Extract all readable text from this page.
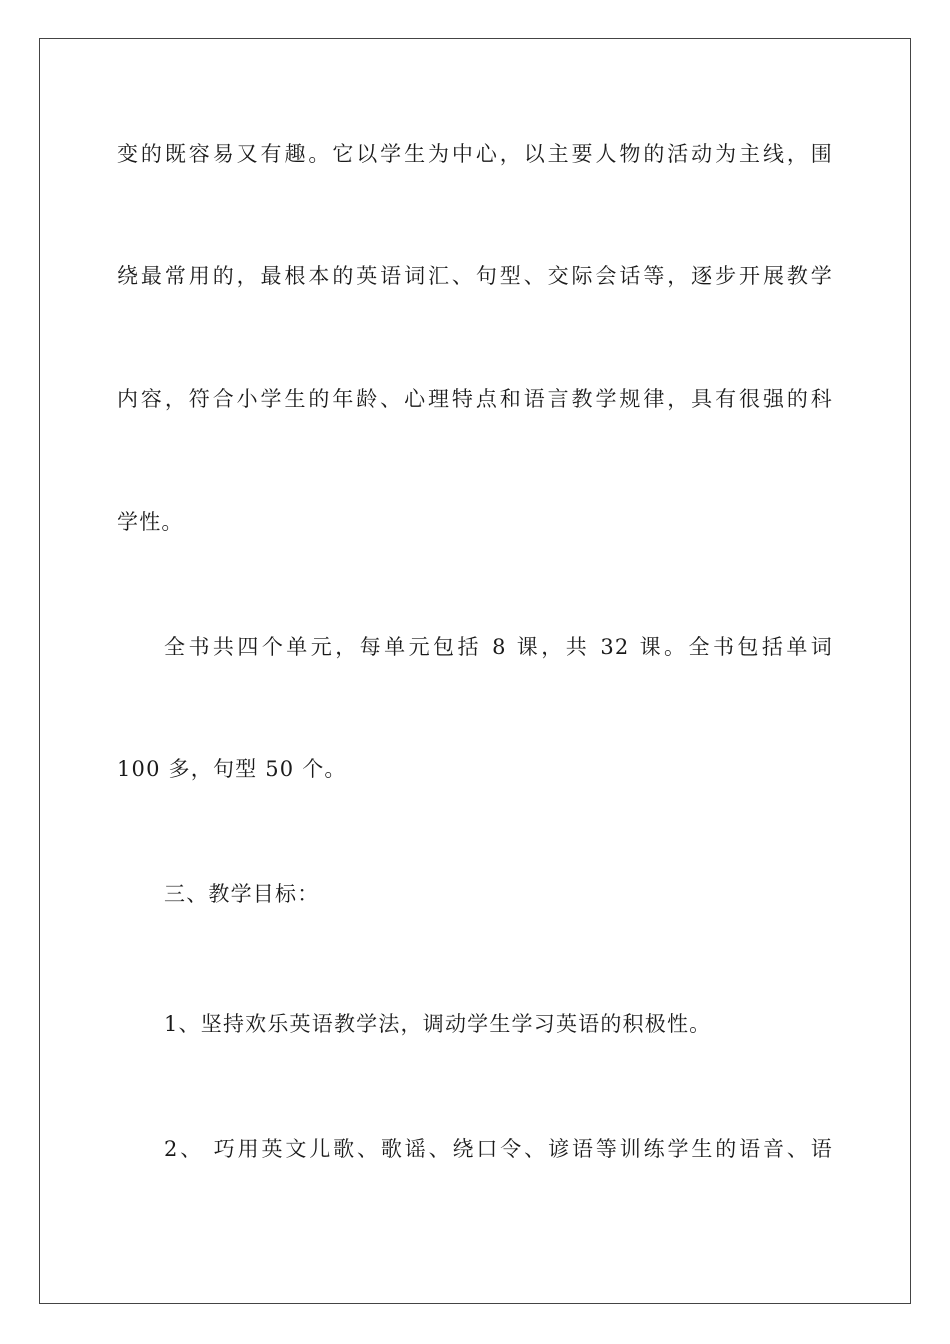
变的既容易又有趣。它以学生为中心，以主要人物的活动为主线，围
绕最常用的，最根本的英语词汇、句型、交际会话等，逐步开展教学
内容，符合小学生的年龄、心理特点和语言教学规律，具有很强的科
学性。
全书共四个单元，每单元包括 8 课，共 32 课。全书包括单词
100 多，句型 50 个。
三、教学目标：
1、坚持欢乐英语教学法，调动学生学习英语的积极性。
2、 巧用英文儿歌、歌谣、绕口令、谚语等训练学生的语音、语
